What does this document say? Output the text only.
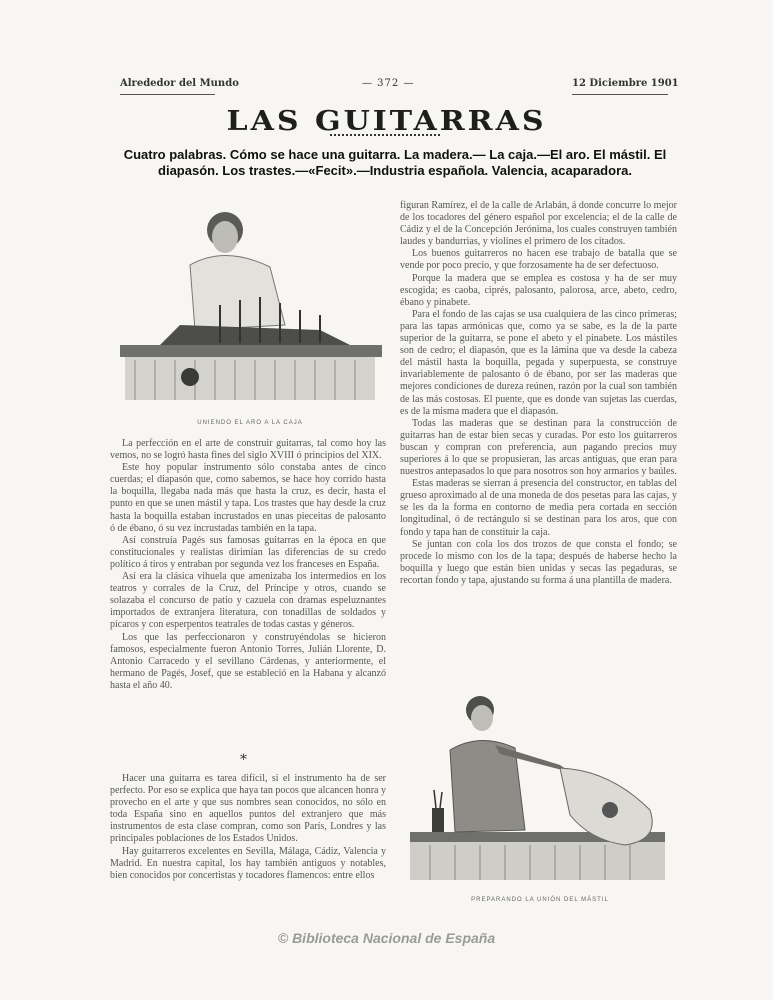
Alrededor del Mundo	— 372 —	12 Diciembre 1901
LAS GUITARRAS
Cuatro palabras. Cómo se hace una guitarra. La madera.— La caja.—El aro. El mástil. El diapasón. Los trastes.—«Fecit».—Industria española. Valencia, acaparadora.
UNIENDO EL ARO A LA CAJA

La perfección en el arte de construir guitarras, tal como hoy las vemos, no se logró hasta fines del siglo XVIII ó principios del XIX.

Este hoy popular instrumento sólo constaba antes de cinco cuerdas; el diapasón que, como sabemos, se hace hoy corrido hasta la boquilla, llegaba nada más que hasta la cruz, es decir, hasta el punto en que se unen mástil y tapa. Los trastes que hay desde la cruz hasta la boquilla estaban incrustados en unas pieceitas de palosanto ó de ébano, ó su vez incrustadas también en la tapa.

Así construía Pagés sus famosas guitarras en la época en que constitucionales y realistas dirimían las diferencias de su credo político á tiros y entraban por segunda vez los franceses en España.

Así era la clásica vihuela que amenizaba los intermedios en los teatros y corrales de la Cruz, del Príncipe y otros, cuando se solazaba el concurso de patio y cazuela con dramas espeluznantes importados de extranjera literatura, con tonadillas de soldados y pícaros y con esperpentos teatrales de todas castas y géneros.

Los que las perfeccionaron y construyéndolas se hicieron famosos, especialmente fueron Antonio Torres, Julián Llorente, D. Antonio Carracedo y el sevillano Cárdenas, y anteriormente, el hermano de Pagés, Josef, que se estableció en la Habana y alcanzó hasta el año 40.

*

Hacer una guitarra es tarea difícil, si el instrumento ha de ser perfecto. Por eso se explica que haya tan pocos que alcancen honra y provecho en el arte y que sus nombres sean conocidos, no sólo en toda España sino en aquellos puntos del extranjero que más instrumentos de esta clase compran, como son París, Londres y las principales poblaciones de los Estados Unidos.

Hay guitarreros excelentes en Sevilla, Málaga, Cádiz, Valencia y Madrid. En nuestra capital, los hay también antiguos y notables, bien conocidos por concertistas y tocadores flamencos: entre ellos

figuran Ramírez, el de la calle de Arlabán, á donde concurre lo mejor de los tocadores del género español por excelencia; el de la calle de Cádiz y el de la Concepción Jerónima, los cuales construyen también laudes y bandurrias, y violines el primero de los citados.

Los buenos guitarreros no hacen ese trabajo de batalla que se vende por poco precio, y que forzosamente ha de ser defectuoso.

Porque la madera que se emplea es costosa y ha de ser muy escogida; es caoba, ciprés, palosanto, palorosa, arce, abeto, cedro, ébano y pinabete.

Para el fondo de las cajas se usa cualquiera de las cinco primeras; para las tapas armónicas que, como ya se sabe, es la de la parte superior de la guitarra, se pone el abeto y el pinabete. Los mástiles son de cedro; el diapasón, que es la lámina que va desde la cabeza del mástil hasta la boquilla, pegada y superpuesta, se construye invariablemente de palosanto ó de ébano, por ser las maderas que mejores condiciones de dureza reúnen, razón por la cual son también de las más costosas. El puente, que es donde van sujetas las cuerdas, es de la misma madera que el diapasón.

Todas las maderas que se destinan para la construcción de guitarras han de estar bien secas y curadas. Por esto los guitarreros buscan y compran con preferencia, aun pagando precios muy superiores á lo que se propusieran, las arcas antiguas, que eran para nuestros antepasados lo que para nosotros son hoy armarios y baúles.

Estas maderas se sierran á presencia del constructor, en tablas del grueso aproximado al de una moneda de dos pesetas para las cajas, y se les da la forma en contorno de media pera cortada en sección longitudinal, ó de rectángulo si se destinan para los aros, que con fondo y tapa han de constituir la caja.

Se juntan con cola los dos trozos de que consta el fondo; se procede lo mismo con los de la tapa; después de haberse hecho la boquilla y luego que están bien unidas y secas las pegaduras, se recortan fondo y tapa, ajustando su forma á una plantilla de madera.

PREPARANDO LA UNIÓN DEL MÁSTIL
© Biblioteca Nacional de España
